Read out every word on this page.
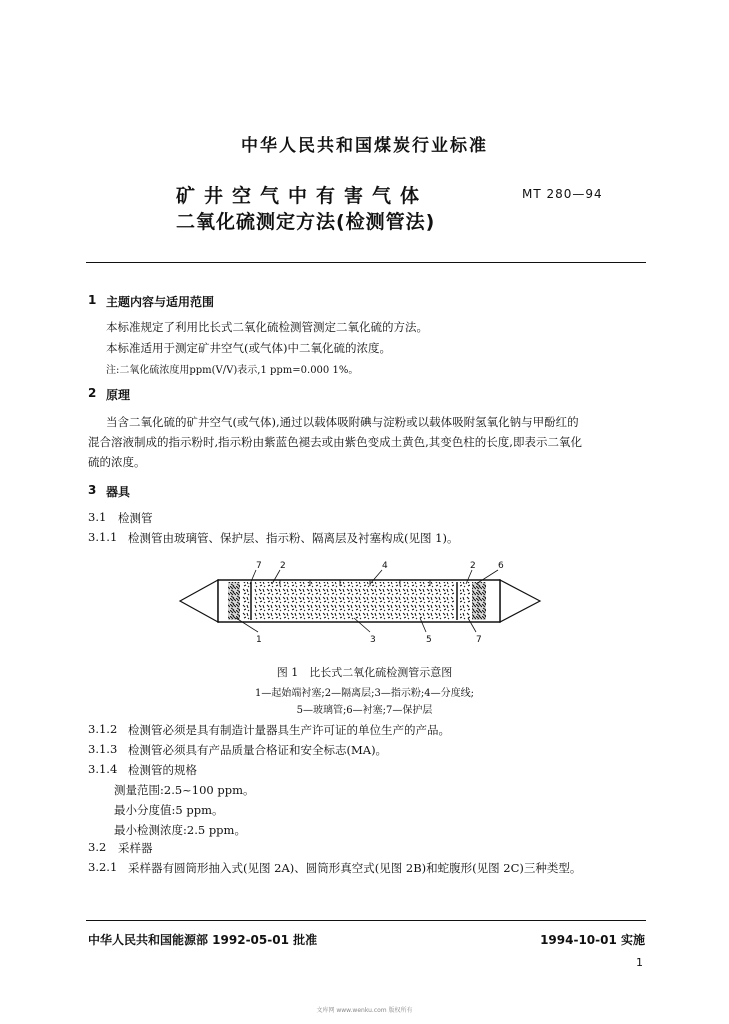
中华人民共和国煤炭行业标准
矿井空气中有害气体
二氧化硫测定方法(检测管法)
MT 280—94
1 主题内容与适用范围
本标准规定了利用比长式二氧化硫检测管测定二氧化硫的方法。
本标准适用于测定矿井空气(或气体)中二氧化硫的浓度。
注:二氧化硫浓度用ppm(V/V)表示,1 ppm=0.000 1%。
2 原理
当含二氧化硫的矿井空气(或气体),通过以载体吸附碘与淀粉或以载体吸附氢氧化钠与甲酚红的
混合溶液制成的指示粉时,指示粉由紫蓝色褪去或由紫色变成土黄色,其变色柱的长度,即表示二氧化
硫的浓度。
3 器具
3.1 检测管
3.1.1 检测管由玻璃管、保护层、指示粉、隔离层及衬塞构成(见图 1)。
7 2	4	2 6
1	3	5	7
图 1　比长式二氧化硫检测管示意图
1—起始端衬塞;2—隔离层;3—指示粉;4—分度线;
5—玻璃管;6—衬塞;7—保护层
3.1.2 检测管必须是具有制造计量器具生产许可证的单位生产的产品。
3.1.3 检测管必须具有产品质量合格证和安全标志(MA)。
3.1.4 检测管的规格
测量范围:2.5~100 ppm。
最小分度值:5 ppm。
最小检测浓度:2.5 ppm。
3.2 采样器
3.2.1 采样器有圆筒形抽入式(见图 2A)、圆筒形真空式(见图 2B)和蛇腹形(见图 2C)三种类型。
中华人民共和国能源部 1992-05-01 批准	1994-10-01 实施
1
文库网 www.wenku.com 版权所有
